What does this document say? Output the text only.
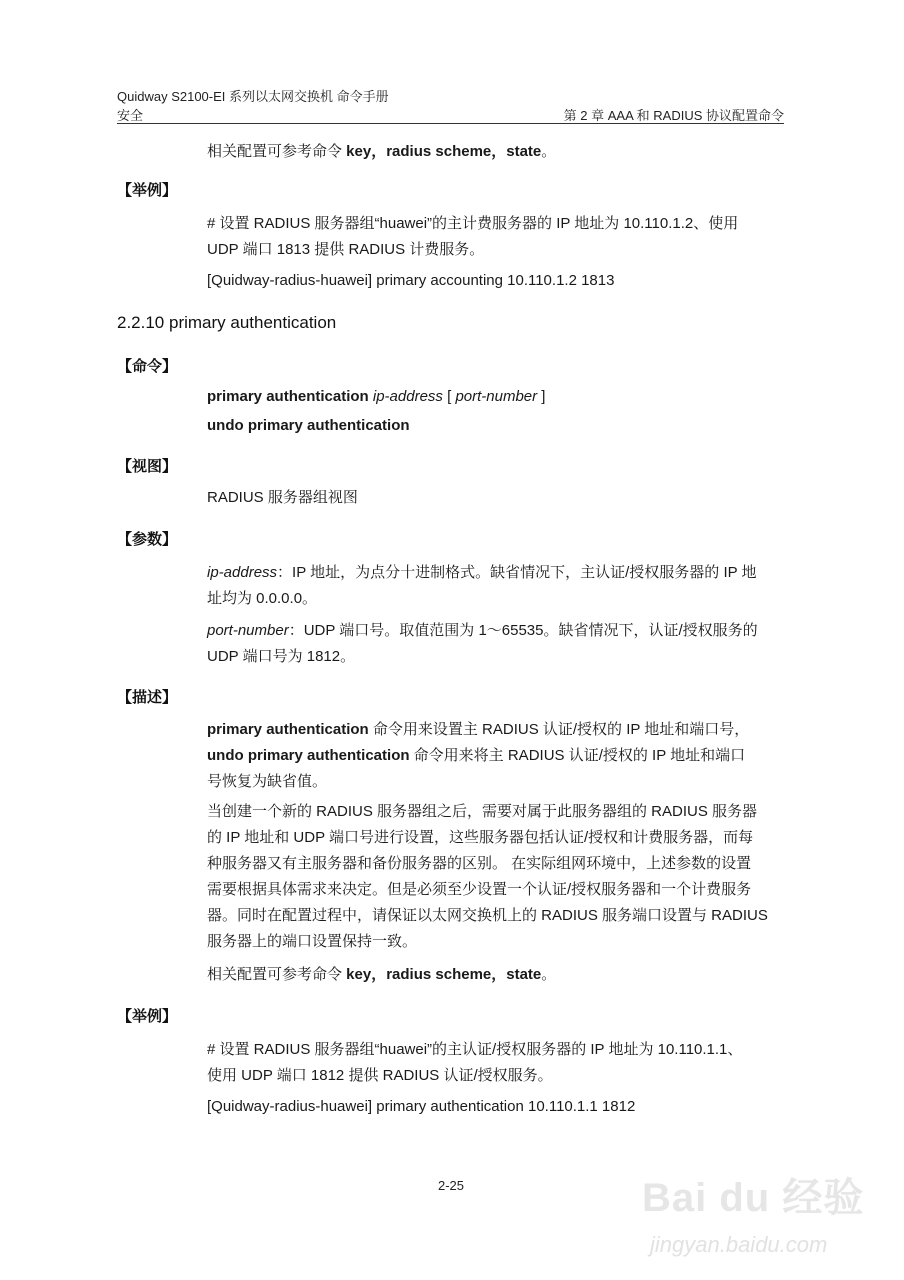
Quidway S2100-EI 系列以太网交换机 命令手册
安全	第 2 章 AAA 和 RADIUS 协议配置命令
相关配置可参考命令 key，radius scheme，state。
【举例】
# 设置 RADIUS 服务器组“huawei”的主计费服务器的 IP 地址为 10.110.1.2、使用
UDP 端口 1813 提供 RADIUS 计费服务。
[Quidway-radius-huawei] primary accounting 10.110.1.2 1813
2.2.10 primary authentication
【命令】
primary authentication ip-address [ port-number ]
undo primary authentication
【视图】
RADIUS 服务器组视图
【参数】
ip-address：IP 地址，为点分十进制格式。缺省情况下，主认证/授权服务器的 IP 地
址均为 0.0.0.0。
port-number：UDP 端口号。取值范围为 1～65535。缺省情况下，认证/授权服务的
UDP 端口号为 1812。
【描述】
primary authentication 命令用来设置主 RADIUS 认证/授权的 IP 地址和端口号，
undo primary authentication 命令用来将主 RADIUS 认证/授权的 IP 地址和端口
号恢复为缺省值。
当创建一个新的 RADIUS 服务器组之后，需要对属于此服务器组的 RADIUS 服务器
的 IP 地址和 UDP 端口号进行设置，这些服务器包括认证/授权和计费服务器，而每
种服务器又有主服务器和备份服务器的区别。 在实际组网环境中，上述参数的设置
需要根据具体需求来决定。但是必须至少设置一个认证/授权服务器和一个计费服务
器。同时在配置过程中，请保证以太网交换机上的 RADIUS 服务端口设置与 RADIUS
服务器上的端口设置保持一致。
相关配置可参考命令 key，radius scheme，state。
【举例】
# 设置 RADIUS 服务器组“huawei”的主认证/授权服务器的 IP 地址为 10.110.1.1、
使用 UDP 端口 1812 提供 RADIUS 认证/授权服务。
[Quidway-radius-huawei] primary authentication 10.110.1.1 1812
2-25	Bai du 经验
jingyan.baidu.com
